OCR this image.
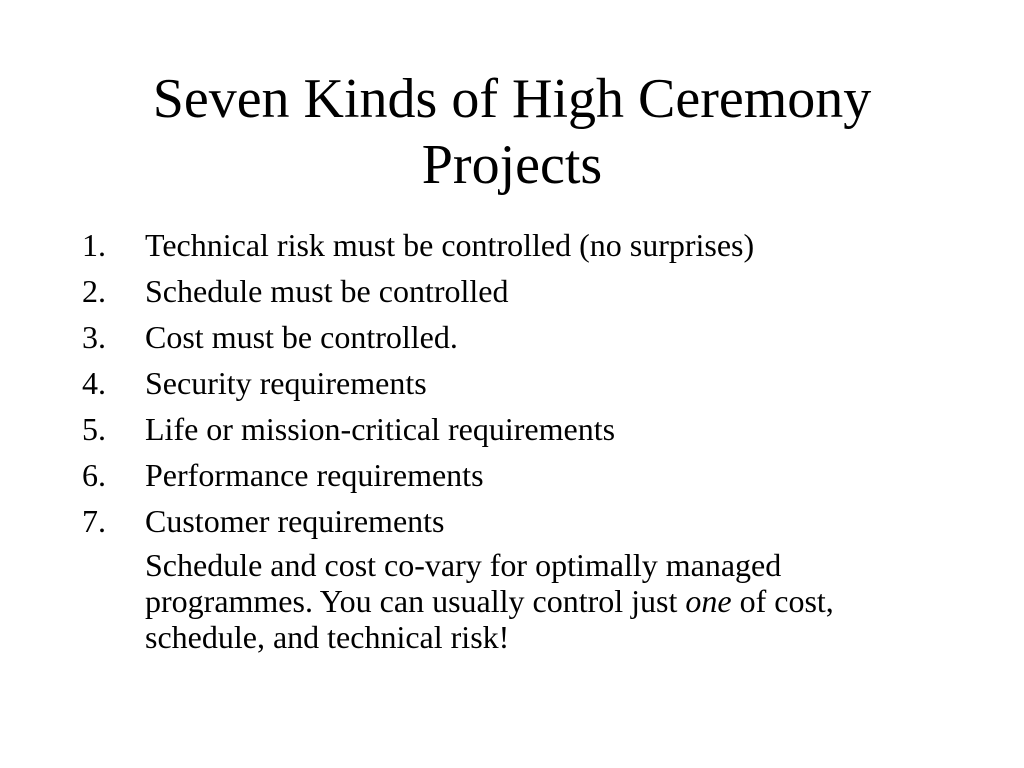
Seven Kinds of High Ceremony
Projects
1. Technical risk must be controlled (no surprises)
2. Schedule must be controlled
3. Cost must be controlled.
4. Security requirements
5. Life or mission-critical requirements
6. Performance requirements
7. Customer requirements

Schedule and cost co-vary for optimally managed programmes. You can usually control just one of cost, schedule, and technical risk!
